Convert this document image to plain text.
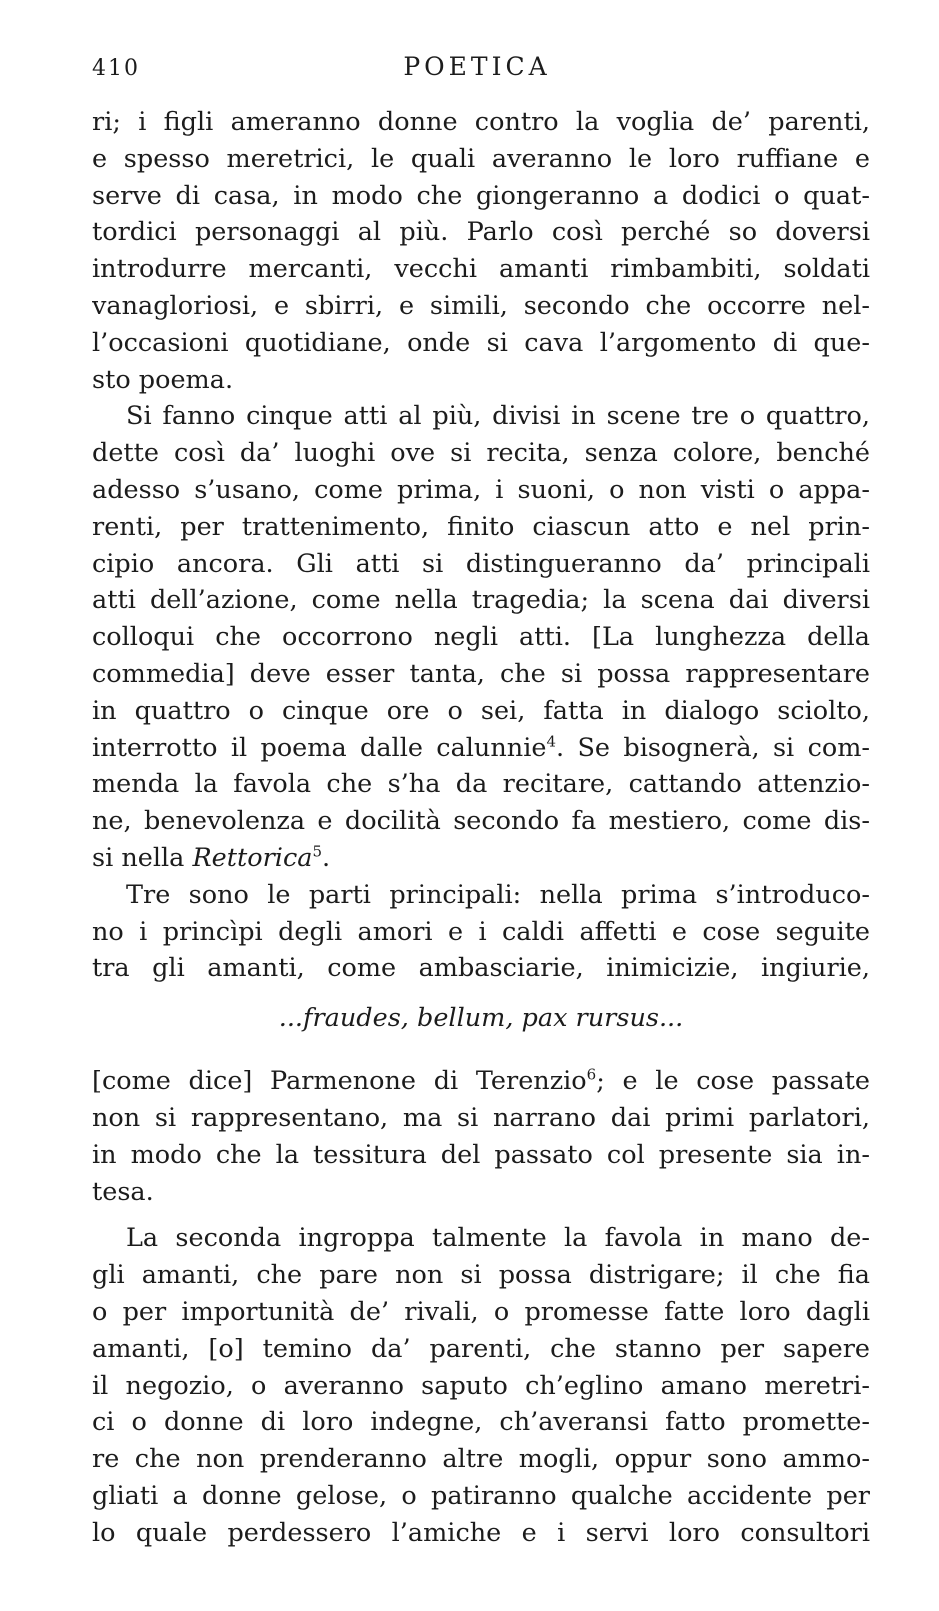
410	POETICA
ri; i figli ameranno donne contro la voglia de’ parenti,
e spesso meretrici, le quali averanno le loro ruffiane e
serve di casa, in modo che giongeranno a dodici o quat-
tordici personaggi al più. Parlo così perché so doversi
introdurre mercanti, vecchi amanti rimbambiti, soldati
vanagloriosi, e sbirri, e simili, secondo che occorre nel-
l’occasioni quotidiane, onde si cava l’argomento di que-
sto poema.
Si fanno cinque atti al più, divisi in scene tre o quattro,
dette così da’ luoghi ove si recita, senza colore, benché
adesso s’usano, come prima, i suoni, o non visti o appa-
renti, per trattenimento, finito ciascun atto e nel prin-
cipio ancora. Gli atti si distingueranno da’ principali
atti dell’azione, come nella tragedia; la scena dai diversi
colloqui che occorrono negli atti. [La lunghezza della
commedia] deve esser tanta, che si possa rappresentare
in quattro o cinque ore o sei, fatta in dialogo sciolto,
interrotto il poema dalle calunnie$^4$. Se bisognerà, si com-
menda la favola che s’ha da recitare, cattando attenzio-
ne, benevolenza e docilità secondo fa mestiero, come dis-
si nella Rettorica$^5$.
Tre sono le parti principali: nella prima s’introduco-
no i princìpi degli amori e i caldi affetti e cose seguite
tra gli amanti, come ambasciarie, inimicizie, ingiurie,
...fraudes, bellum, pax rursus...
[come dice] Parmenone di Terenzio$^6$; e le cose passate
non si rappresentano, ma si narrano dai primi parlatori,
in modo che la tessitura del passato col presente sia in-
tesa.
La seconda ingroppa talmente la favola in mano de-
gli amanti, che pare non si possa distrigare; il che fia
o per importunità de’ rivali, o promesse fatte loro dagli
amanti, [o] temino da’ parenti, che stanno per sapere
il negozio, o averanno saputo ch’eglino amano meretri-
ci o donne di loro indegne, ch’averansi fatto promette-
re che non prenderanno altre mogli, oppur sono ammo-
gliati a donne gelose, o patiranno qualche accidente per
lo quale perdessero l’amiche e i servi loro consultori
